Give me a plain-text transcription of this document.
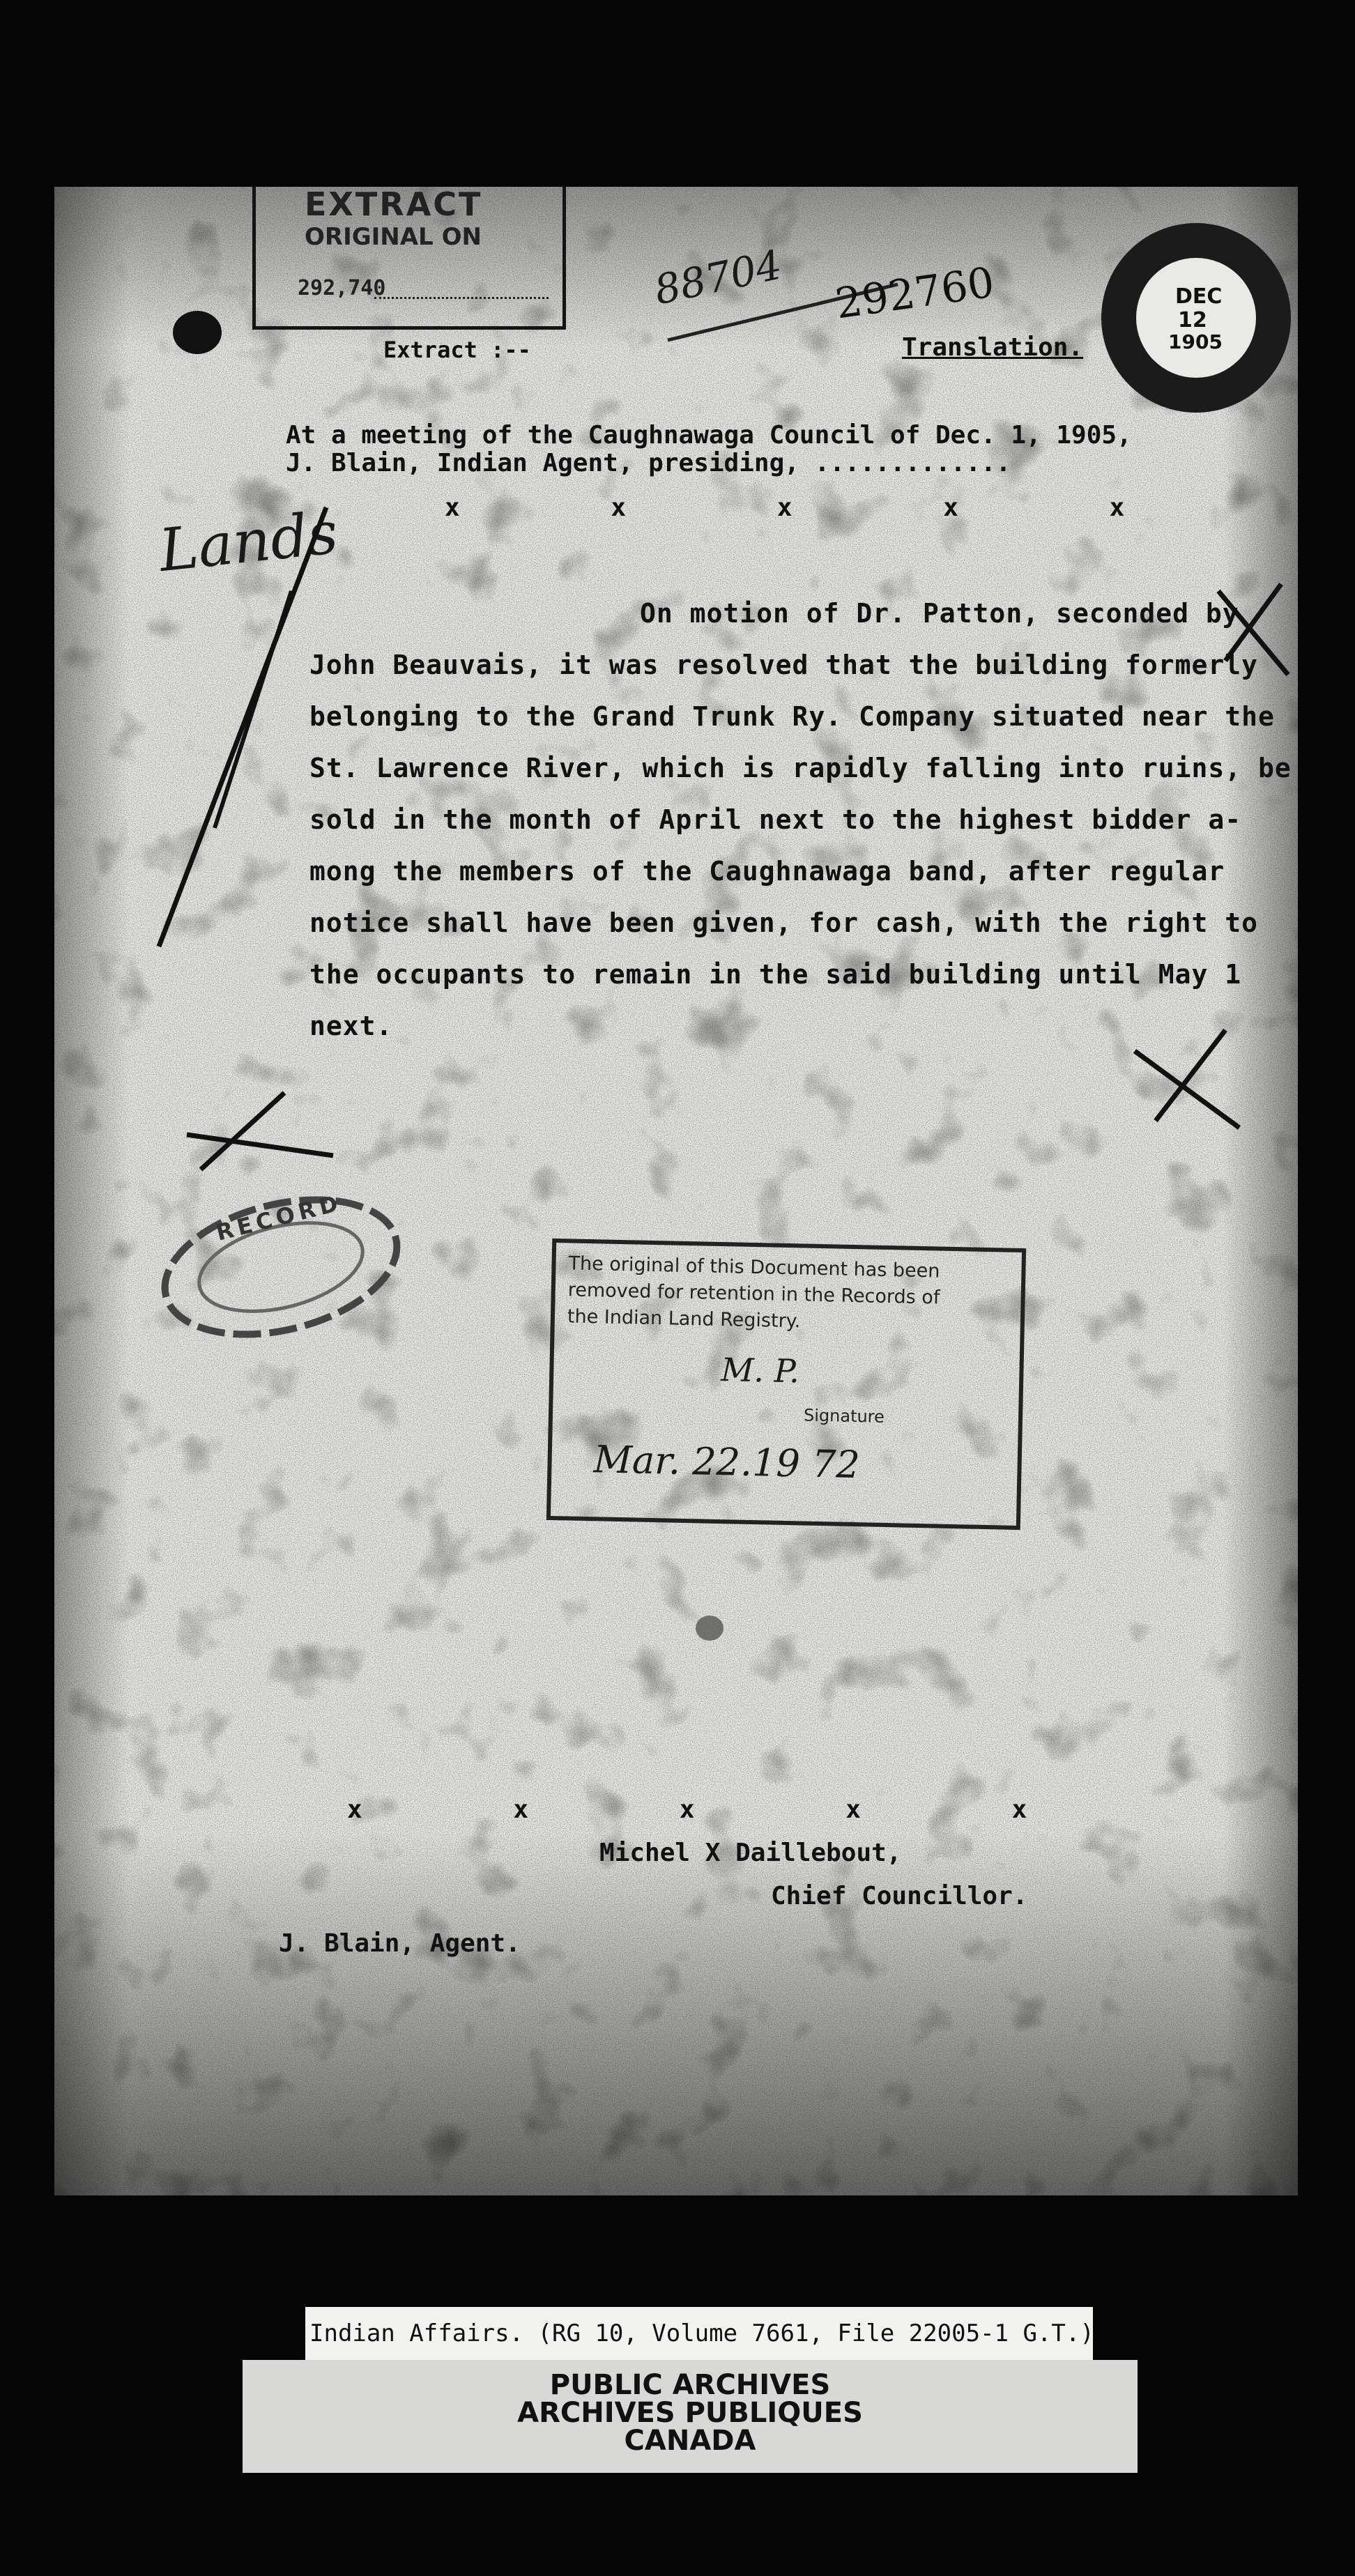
EXTRACT
ORIGINAL ON
292,740
Extract :--
88704 292760
Translation.
DEC
12
1905
At a meeting of the Caughnawaga Council of Dec. 1, 1905,
J. Blain, Indian Agent, presiding, .............
x          x          x          x          x
Lands
On motion of Dr. Patton, seconded by
John Beauvais, it was resolved that the building formerly
belonging to the Grand Trunk Ry. Company situated near the
St. Lawrence River, which is rapidly falling into ruins, be
sold in the month of April next to the highest bidder a-
mong the members of the Caughnawaga band, after regular
notice shall have been given, for cash, with the right to
the occupants to remain in the said building until May 1
next.
RECORD
The original of this Document has been
removed for retention in the Records of
the Indian Land Registry.
M. P.
Signature
Mar. 22.19 72
x          x          x          x          x
Michel X Daillebout,
Chief Councillor.
J. Blain, Agent.
Indian Affairs. (RG 10, Volume 7661, File 22005-1 G.T.)
PUBLIC ARCHIVES
ARCHIVES PUBLIQUES
CANADA
